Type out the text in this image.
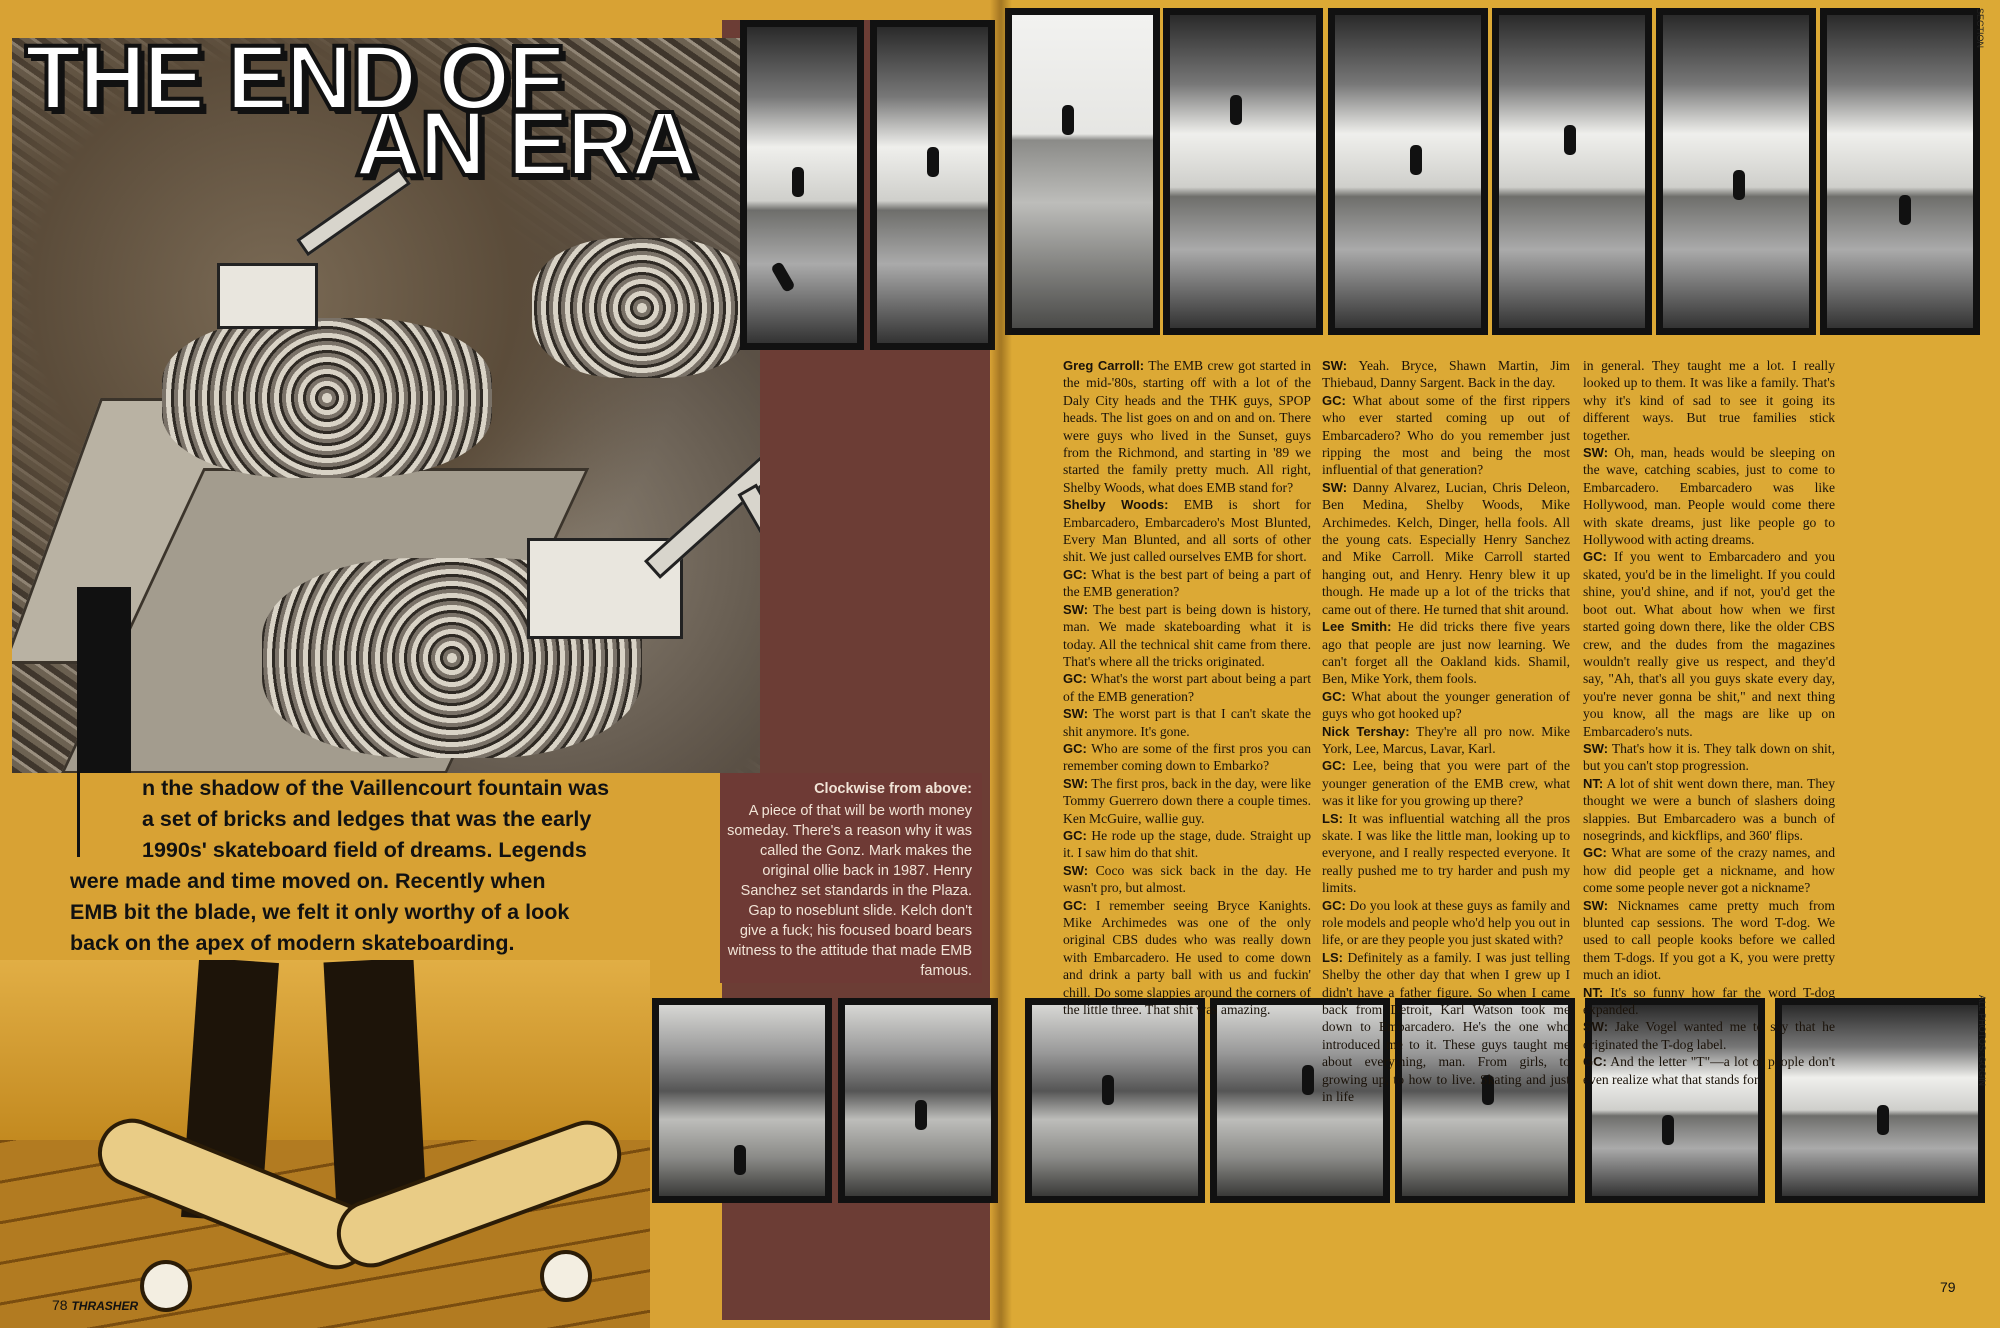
THE END OF
AN ERA
n the shadow of the Vaillencourt fountain was
a set of bricks and ledges that was the early
1990s' skateboard field of dreams. Legends
were made and time moved on. Recently when
EMB bit the blade, we felt it only worthy of a look
back on the apex of modern skateboarding.
Clockwise from above:
A piece of that will be worth money someday. There's a reason why it was called the Gonz. Mark makes the original ollie back in 1987. Henry Sanchez set standards in the Plaza. Gap to noseblunt slide. Kelch don't give a fuck; his focused board bears witness to the attitude that made EMB famous.

Greg Carroll: The EMB crew got started in the mid-'80s, starting off with a lot of the Daly City heads and the THK guys, SPOP heads. The list goes on and on and on. There were guys who lived in the Sunset, guys from the Richmond, and starting in '89 we started the family pretty much. All right, Shelby Woods, what does EMB stand for?

Shelby Woods: EMB is short for Embarcadero, Embarcadero's Most Blunted, Every Man Blunted, and all sorts of other shit. We just called ourselves EMB for short.

GC: What is the best part of being a part of the EMB generation?

SW: The best part is being down is history, man. We made skateboarding what it is today. All the technical shit came from there. That's where all the tricks originated.

GC: What's the worst part about being a part of the EMB generation?

SW: The worst part is that I can't skate the shit anymore. It's gone.

GC: Who are some of the first pros you can remember coming down to Embarko?

SW: The first pros, back in the day, were like Tommy Guerrero down there a couple times. Ken McGuire, wallie guy.

GC: He rode up the stage, dude. Straight up it. I saw him do that shit.

SW: Coco was sick back in the day. He wasn't pro, but almost.

GC: I remember seeing Bryce Kanights. Mike Archimedes was one of the only original CBS dudes who was really down with Embarcadero. He used to come down and drink a party ball with us and fuckin' chill. Do some slappies around the corners of the little three. That shit was amazing.

SW: Yeah. Bryce, Shawn Martin, Jim Thiebaud, Danny Sargent. Back in the day.

GC: What about some of the first rippers who ever started coming up out of Embarcadero? Who do you remember just ripping the most and being the most influential of that generation?

SW: Danny Alvarez, Lucian, Chris Deleon, Ben Medina, Shelby Woods, Mike Archimedes. Kelch, Dinger, hella fools. All the young cats. Especially Henry Sanchez and Mike Carroll. Mike Carroll started hanging out, and Henry. Henry blew it up though. He made up a lot of the tricks that came out of there. He turned that shit around.

Lee Smith: He did tricks there five years ago that people are just now learning. We can't forget all the Oakland kids. Shamil, Ben, Mike York, them fools.

GC: What about the younger generation of guys who got hooked up?

Nick Tershay: They're all pro now. Mike York, Lee, Marcus, Lavar, Karl.

GC: Lee, being that you were part of the younger generation of the EMB crew, what was it like for you growing up there?

LS: It was influential watching all the pros skate. I was like the little man, looking up to everyone, and I really respected everyone. It really pushed me to try harder and push my limits.

GC: Do you look at these guys as family and role models and people who'd help you out in life, or are they people you just skated with?

LS: Definitely as a family. I was just telling Shelby the other day that when I grew up I didn't have a father figure. So when I came back from Detroit, Karl Watson took me down to Embarcadero. He's the one who introduced me to it. These guys taught me about everything, man. From girls, to growing up, to how to live. Skating and just in life

in general. They taught me a lot. I really looked up to them. It was like a family. That's why it's kind of sad to see it going its different ways. But true families stick together.

SW: Oh, man, heads would be sleeping on the wave, catching scabies, just to come to Embarcadero. Embarcadero was like Hollywood, man. People would come there with skate dreams, just like people go to Hollywood with acting dreams.

GC: If you went to Embarcadero and you skated, you'd be in the limelight. If you could shine, you'd shine, and if not, you'd get the boot out. What about how when we first started going down there, like the older CBS crew, and the dudes from the magazines wouldn't really give us respect, and they'd say, "Ah, that's all you guys skate every day, you're never gonna be shit," and next thing you know, all the mags are like up on Embarcadero's nuts.

SW: That's how it is. They talk down on shit, but you can't stop progression.

NT: A lot of shit went down there, man. They thought we were a bunch of slashers doing slappies. But Embarcadero was a bunch of nosegrinds, and kickflips, and 360' flips.

GC: What are some of the crazy names, and how did people get a nickname, and how come some people never got a nickname?

SW: Nicknames came pretty much from blunted cap sessions. The word T-dog. We used to call people kooks before we called them T-dogs. If you got a K, you were pretty much an idiot.

NT: It's so funny how far the word T-dog expanded.

SW: Jake Vogel wanted me to say that he originated the T-dog label.

GC: And the letter "T"—a lot of people don't even realize what that stands for.

78 THRASHER
79
SECTION
ALL PHOTOS: GOGIN
